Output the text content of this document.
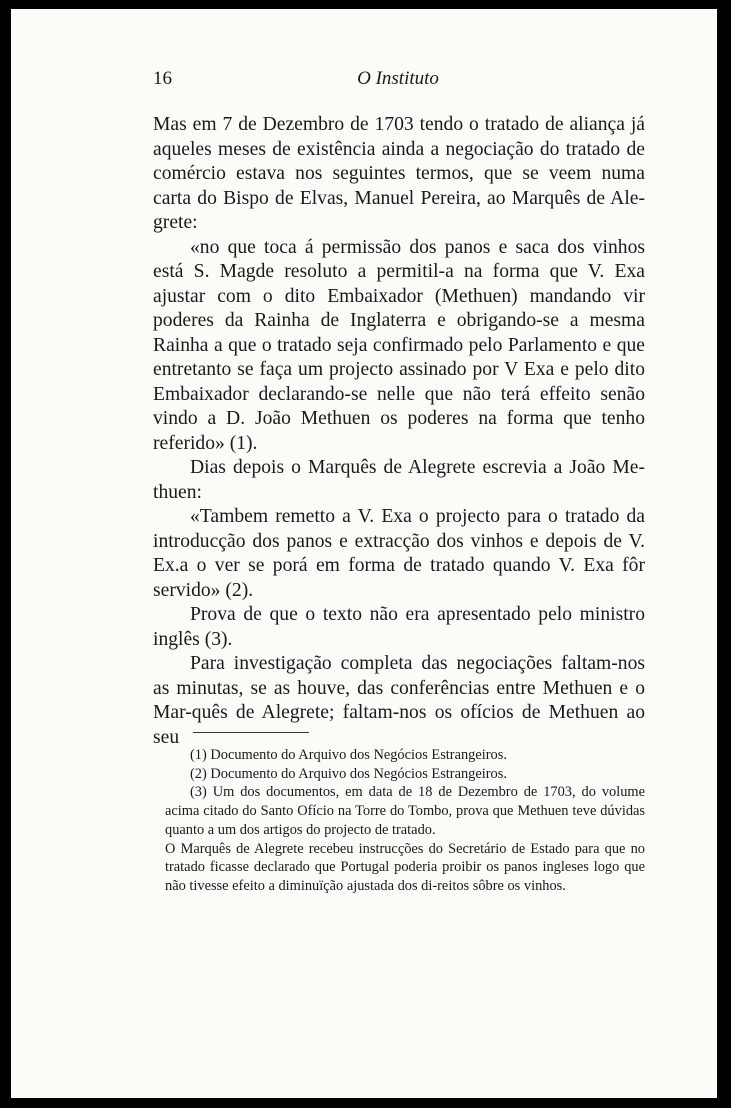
16	O Instituto

Mas em 7 de Dezembro de 1703 tendo o tratado de aliança já aqueles meses de existência ainda a negociação do tratado de comércio estava nos seguintes termos, que se veem numa carta do Bispo de Elvas, Manuel Pereira, ao Marquês de Ale-grete:

«no que toca á permissão dos panos e saca dos vinhos está S. Magde resoluto a permitil-a na forma que V. Exa ajustar com o dito Embaixador (Methuen) mandando vir poderes da Rainha de Inglaterra e obrigando-se a mesma Rainha a que o tratado seja confirmado pelo Parlamento e que entretanto se faça um projecto assinado por V Exa e pelo dito Embaixador declarando-se nelle que não terá effeito senão vindo a D. João Methuen os poderes na forma que tenho referido» (1).

Dias depois o Marquês de Alegrete escrevia a João Me-thuen:

«Tambem remetto a V. Exa o projecto para o tratado da introducção dos panos e extracção dos vinhos e depois de V. Ex.a o ver se porá em forma de tratado quando V. Exa fôr servido» (2).

Prova de que o texto não era apresentado pelo ministro inglês (3).

Para investigação completa das negociações faltam-nos as minutas, se as houve, das conferências entre Methuen e o Mar-quês de Alegrete; faltam-nos os ofícios de Methuen ao seu

(1) Documento do Arquivo dos Negócios Estrangeiros.

(2) Documento do Arquivo dos Negócios Estrangeiros.

(3) Um dos documentos, em data de 18 de Dezembro de 1703, do volume acima citado do Santo Ofício na Torre do Tombo, prova que Methuen teve dúvidas quanto a um dos artigos do projecto de tratado.

O Marquês de Alegrete recebeu instrucções do Secretário de Estado para que no tratado ficasse declarado que Portugal poderia proibir os panos ingleses logo que não tivesse efeito a diminuïção ajustada dos di-reitos sôbre os vinhos.
